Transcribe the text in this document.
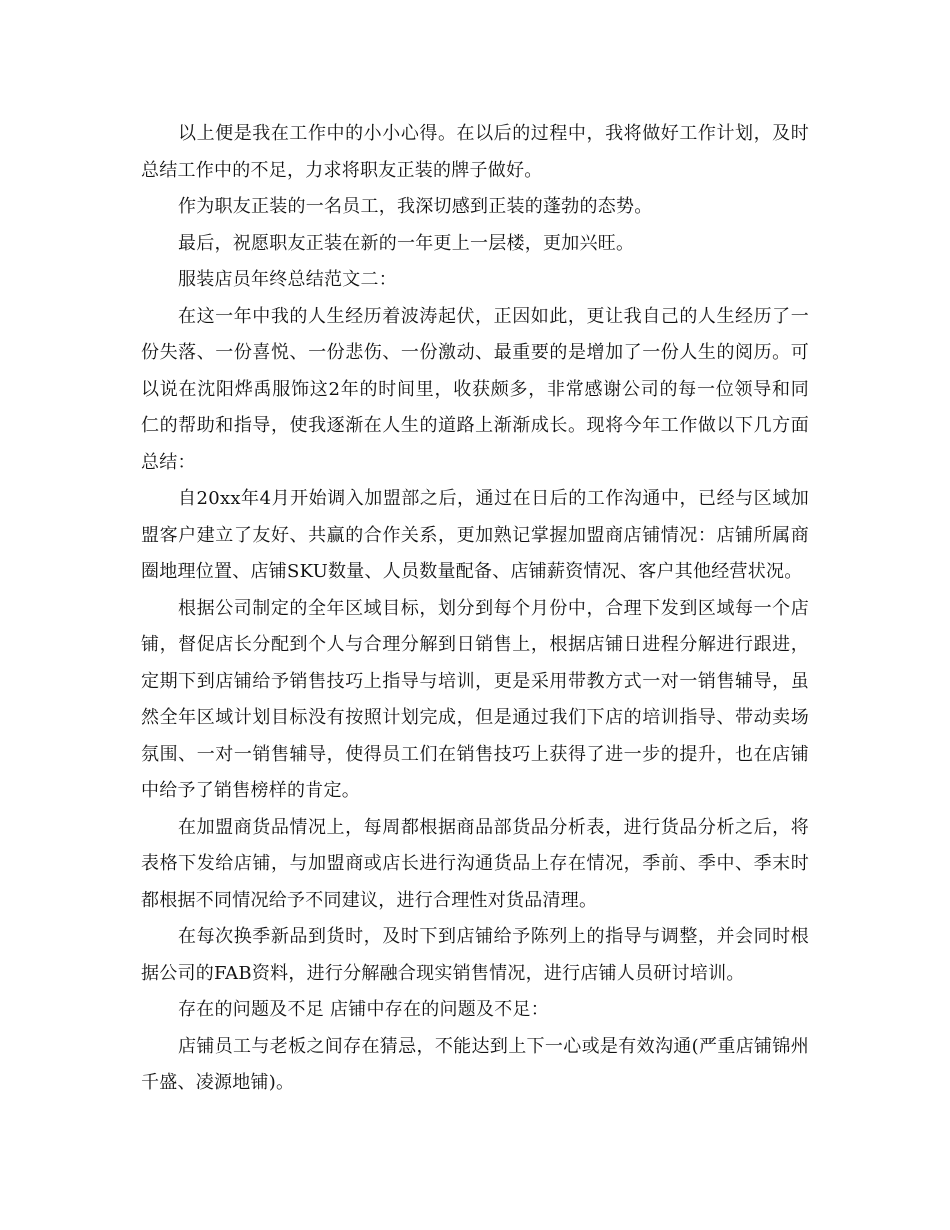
以上便是我在工作中的小小心得。在以后的过程中，我将做好工作计划，及时总结工作中的不足，力求将职友正装的牌子做好。

作为职友正装的一名员工，我深切感到正装的蓬勃的态势。

最后，祝愿职友正装在新的一年更上一层楼，更加兴旺。

服装店员年终总结范文二：

在这一年中我的人生经历着波涛起伏，正因如此，更让我自己的人生经历了一份失落、一份喜悦、一份悲伤、一份激动、最重要的是增加了一份人生的阅历。可以说在沈阳烨禹服饰这2年的时间里，收获颇多，非常感谢公司的每一位领导和同仁的帮助和指导，使我逐渐在人生的道路上渐渐成长。现将今年工作做以下几方面总结：

自20xx年4月开始调入加盟部之后，通过在日后的工作沟通中，已经与区域加盟客户建立了友好、共赢的合作关系，更加熟记掌握加盟商店铺情况：店铺所属商圈地理位置、店铺SKU数量、人员数量配备、店铺薪资情况、客户其他经营状况。

根据公司制定的全年区域目标，划分到每个月份中，合理下发到区域每一个店铺，督促店长分配到个人与合理分解到日销售上，根据店铺日进程分解进行跟进，定期下到店铺给予销售技巧上指导与培训，更是采用带教方式一对一销售辅导，虽然全年区域计划目标没有按照计划完成，但是通过我们下店的培训指导、带动卖场氛围、一对一销售辅导，使得员工们在销售技巧上获得了进一步的提升，也在店铺中给予了销售榜样的肯定。

在加盟商货品情况上，每周都根据商品部货品分析表，进行货品分析之后，将表格下发给店铺，与加盟商或店长进行沟通货品上存在情况，季前、季中、季末时都根据不同情况给予不同建议，进行合理性对货品清理。

在每次换季新品到货时，及时下到店铺给予陈列上的指导与调整，并会同时根据公司的FAB资料，进行分解融合现实销售情况，进行店铺人员研讨培训。

存在的问题及不足 店铺中存在的问题及不足：

店铺员工与老板之间存在猜忌，不能达到上下一心或是有效沟通(严重店铺锦州千盛、凌源地铺)。
